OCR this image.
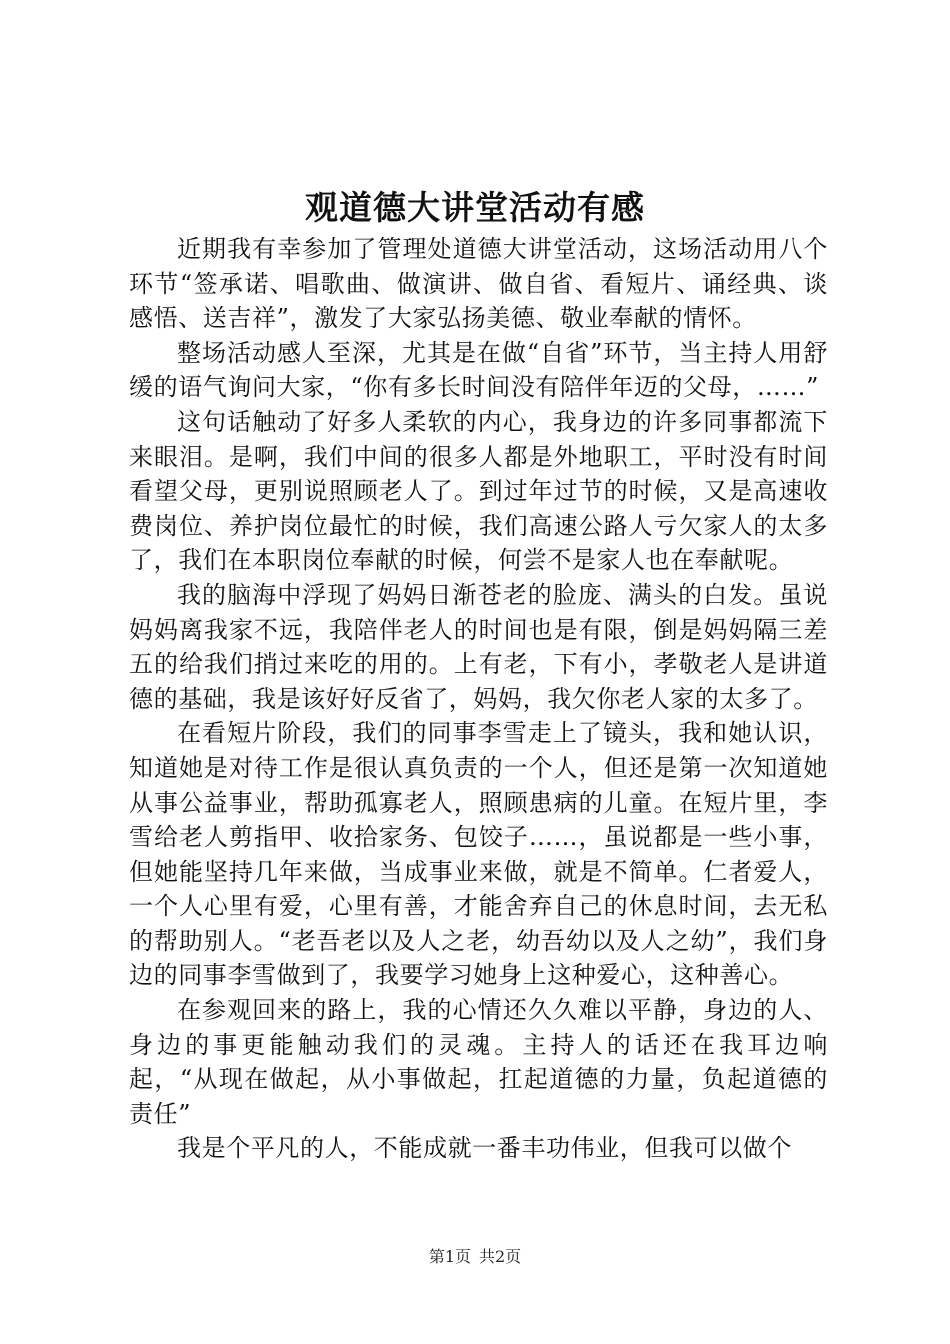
观道德大讲堂活动有感

近期我有幸参加了管理处道德大讲堂活动，这场活动用八个环节“签承诺、唱歌曲、做演讲、做自省、看短片、诵经典、谈感悟、送吉祥”，激发了大家弘扬美德、敬业奉献的情怀。

整场活动感人至深，尤其是在做“自省”环节，当主持人用舒缓的语气询问大家，“你有多长时间没有陪伴年迈的父母，……”

这句话触动了好多人柔软的内心，我身边的许多同事都流下来眼泪。是啊，我们中间的很多人都是外地职工，平时没有时间看望父母，更别说照顾老人了。到过年过节的时候，又是高速收费岗位、养护岗位最忙的时候，我们高速公路人亏欠家人的太多了，我们在本职岗位奉献的时候，何尝不是家人也在奉献呢。

我的脑海中浮现了妈妈日渐苍老的脸庞、满头的白发。虽说妈妈离我家不远，我陪伴老人的时间也是有限，倒是妈妈隔三差五的给我们捎过来吃的用的。上有老，下有小，孝敬老人是讲道德的基础，我是该好好反省了，妈妈，我欠你老人家的太多了。

在看短片阶段，我们的同事李雪走上了镜头，我和她认识，知道她是对待工作是很认真负责的一个人，但还是第一次知道她从事公益事业，帮助孤寡老人，照顾患病的儿童。在短片里，李雪给老人剪指甲、收拾家务、包饺子……，虽说都是一些小事，但她能坚持几年来做，当成事业来做，就是不简单。仁者爱人，一个人心里有爱，心里有善，才能舍弃自己的休息时间，去无私的帮助别人。“老吾老以及人之老，幼吾幼以及人之幼”，我们身边的同事李雪做到了，我要学习她身上这种爱心，这种善心。

在参观回来的路上，我的心情还久久难以平静，身边的人、身边的事更能触动我们的灵魂。主持人的话还在我耳边响起，“从现在做起，从小事做起，扛起道德的力量，负起道德的责任”

我是个平凡的人，不能成就一番丰功伟业，但我可以做个

第1页 共2页
